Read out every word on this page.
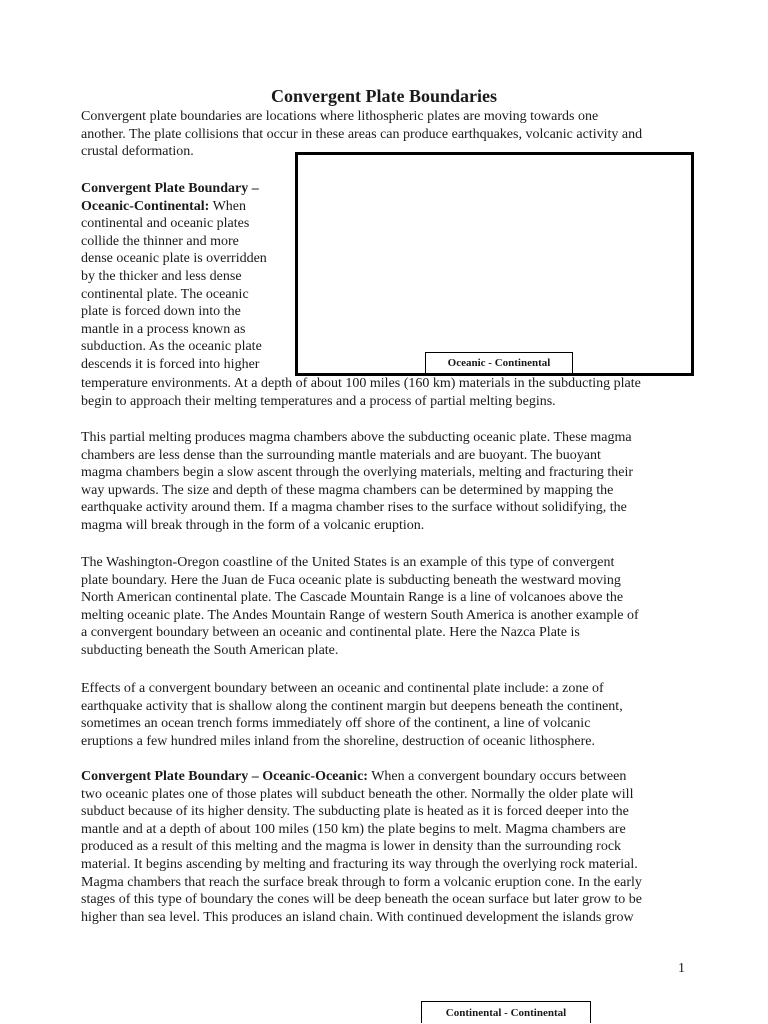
Convergent Plate Boundaries

Convergent plate boundaries are locations where lithospheric plates are moving towards one
another. The plate collisions that occur in these areas can produce earthquakes, volcanic activity and
crustal deformation.

Convergent Plate Boundary –
Oceanic-Continental: When
continental and oceanic plates
collide the thinner and more
dense oceanic plate is overridden
by the thicker and less dense
continental plate. The oceanic
plate is forced down into the
mantle in a process known as
subduction. As the oceanic plate
descends it is forced into higher	Oceanic - Continental

temperature environments. At a depth of about 100 miles (160 km) materials in the subducting plate
begin to approach their melting temperatures and a process of partial melting begins.

This partial melting produces magma chambers above the subducting oceanic plate. These magma
chambers are less dense than the surrounding mantle materials and are buoyant. The buoyant
magma chambers begin a slow ascent through the overlying materials, melting and fracturing their
way upwards. The size and depth of these magma chambers can be determined by mapping the
earthquake activity around them. If a magma chamber rises to the surface without solidifying, the
magma will break through in the form of a volcanic eruption.

The Washington-Oregon coastline of the United States is an example of this type of convergent
plate boundary. Here the Juan de Fuca oceanic plate is subducting beneath the westward moving
North American continental plate. The Cascade Mountain Range is a line of volcanoes above the
melting oceanic plate. The Andes Mountain Range of western South America is another example of
a convergent boundary between an oceanic and continental plate. Here the Nazca Plate is
subducting beneath the South American plate.

Effects of a convergent boundary between an oceanic and continental plate include: a zone of
earthquake activity that is shallow along the continent margin but deepens beneath the continent,
sometimes an ocean trench forms immediately off shore of the continent, a line of volcanic
eruptions a few hundred miles inland from the shoreline, destruction of oceanic lithosphere.

Convergent Plate Boundary – Oceanic-Oceanic: When a convergent boundary occurs between
two oceanic plates one of those plates will subduct beneath the other. Normally the older plate will
subduct because of its higher density. The subducting plate is heated as it is forced deeper into the
mantle and at a depth of about 100 miles (150 km) the plate begins to melt. Magma chambers are
produced as a result of this melting and the magma is lower in density than the surrounding rock
material. It begins ascending by melting and fracturing its way through the overlying rock material.
Magma chambers that reach the surface break through to form a volcanic eruption cone. In the early
stages of this type of boundary the cones will be deep beneath the ocean surface but later grow to be
higher than sea level. This produces an island chain. With continued development the islands grow

1
Continental - Continental
